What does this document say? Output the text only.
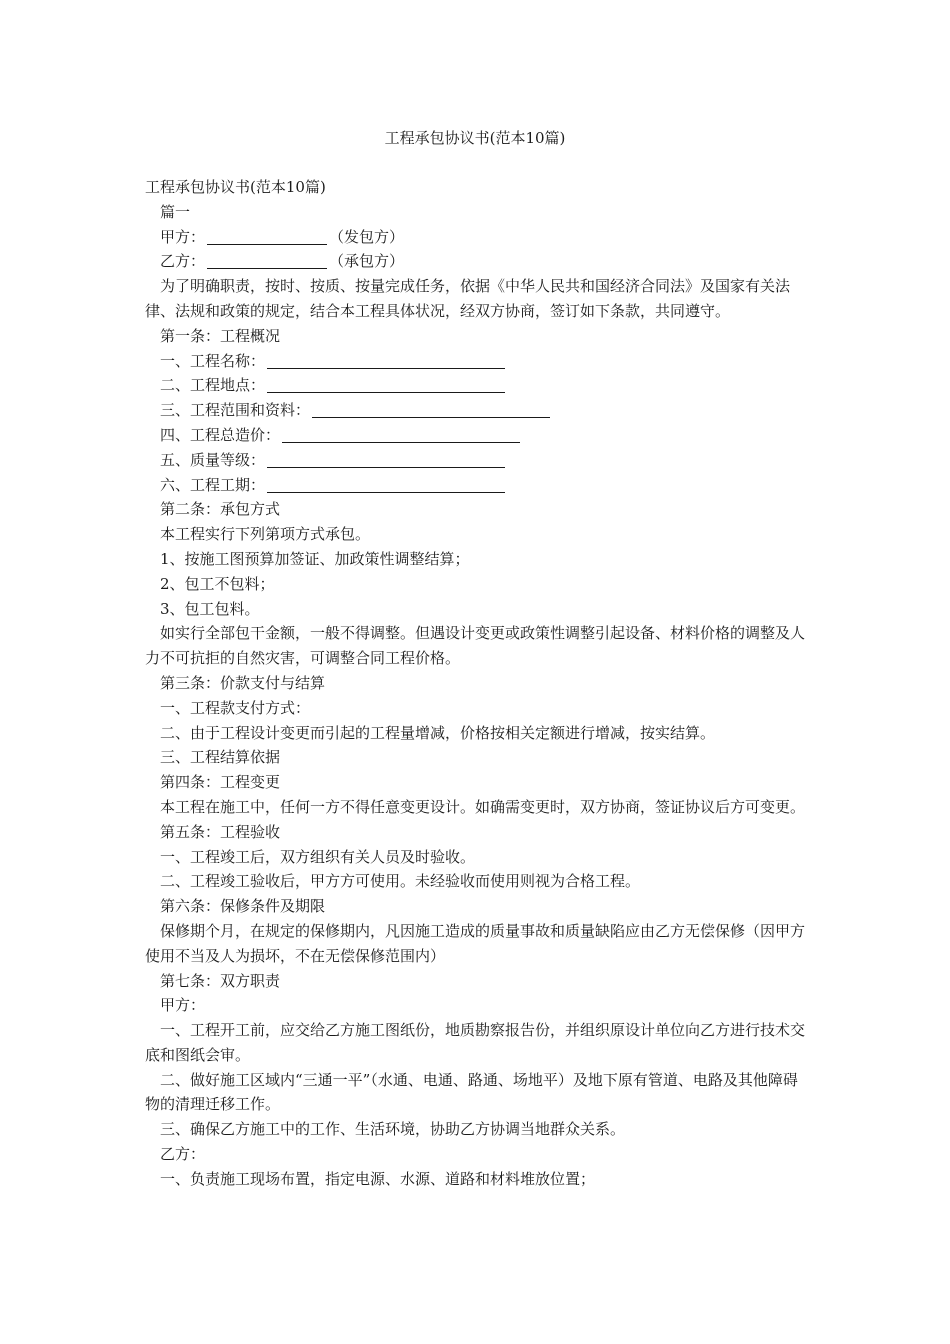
工程承包协议书(范本10篇)

工程承包协议书(范本10篇)

篇一

甲方：	（发包方）

乙方：	（承包方）

为了明确职责，按时、按质、按量完成任务，依据《中华人民共和国经济合同法》及国家有关法律、法规和政策的规定，结合本工程具体状况，经双方协商，签订如下条款，共同遵守。

第一条：工程概况

一、工程名称：

二、工程地点：

三、工程范围和资料：

四、工程总造价：

五、质量等级：

六、工程工期：

第二条：承包方式

本工程实行下列第项方式承包。

1、按施工图预算加签证、加政策性调整结算；

2、包工不包料；

3、包工包料。

如实行全部包干金额，一般不得调整。但遇设计变更或政策性调整引起设备、材料价格的调整及人力不可抗拒的自然灾害，可调整合同工程价格。

第三条：价款支付与结算

一、工程款支付方式：

二、由于工程设计变更而引起的工程量增减，价格按相关定额进行增减，按实结算。

三、工程结算依据

第四条：工程变更

本工程在施工中，任何一方不得任意变更设计。如确需变更时，双方协商，签证协议后方可变更。

第五条：工程验收

一、工程竣工后，双方组织有关人员及时验收。

二、工程竣工验收后，甲方方可使用。未经验收而使用则视为合格工程。

第六条：保修条件及期限

保修期个月，在规定的保修期内，凡因施工造成的质量事故和质量缺陷应由乙方无偿保修（因甲方使用不当及人为损坏，不在无偿保修范围内）

第七条：双方职责

甲方：

一、工程开工前，应交给乙方施工图纸份，地质勘察报告份，并组织原设计单位向乙方进行技术交底和图纸会审。

二、做好施工区域内“三通一平”（水通、电通、路通、场地平）及地下原有管道、电路及其他障碍物的清理迁移工作。

三、确保乙方施工中的工作、生活环境，协助乙方协调当地群众关系。

乙方：

一、负责施工现场布置，指定电源、水源、道路和材料堆放位置；
